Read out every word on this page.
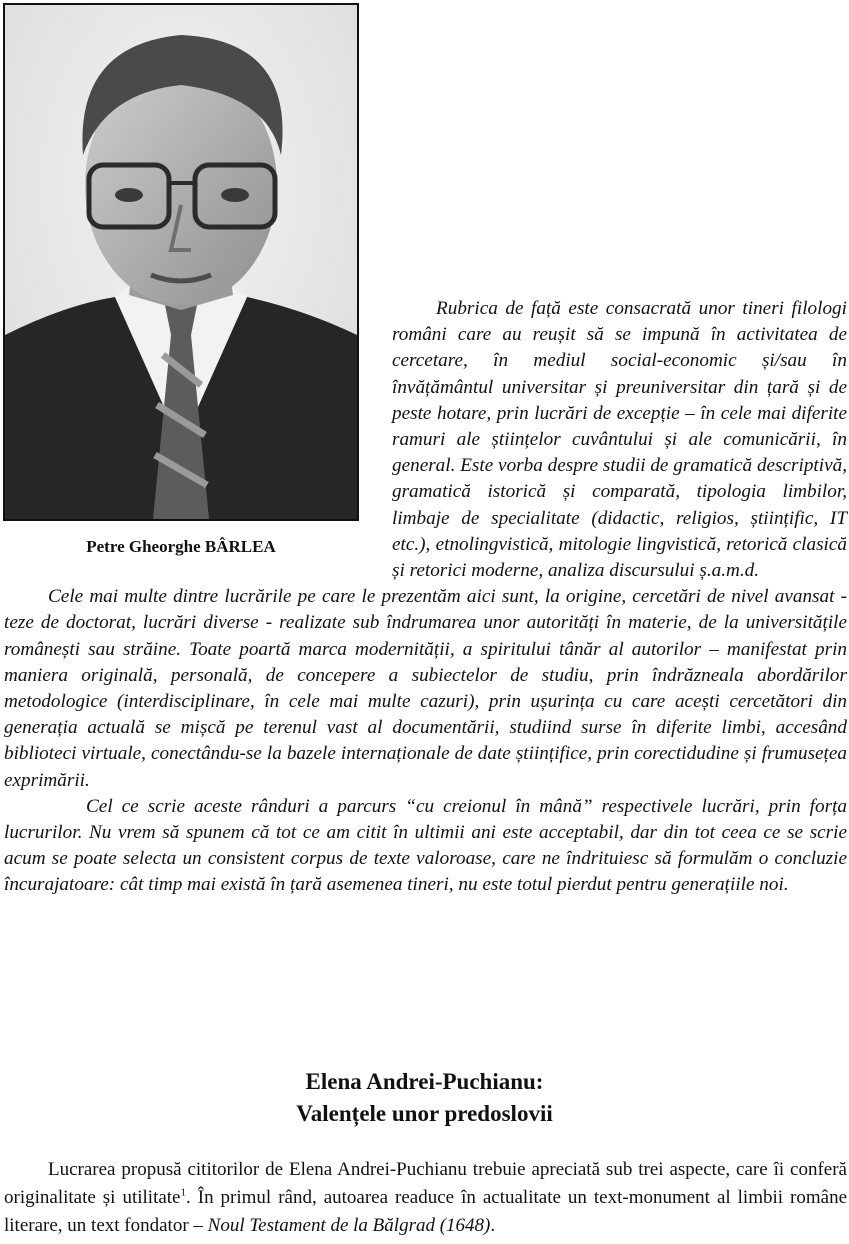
Petre Gheorghe BÂRLEA

Rubrica de față este consacrată unor tineri filologi români care au reușit să se impună în activitatea de cercetare, în mediul social-economic și/sau în învățământul universitar și preuniversitar din țară și de peste hotare, prin lucrări de excepție – în cele mai diferite ramuri ale științelor cuvântului și ale comunicării, în general. Este vorba despre studii de gramatică descriptivă, gramatică istorică și comparată, tipologia limbilor, limbaje de specialitate (didactic, religios, științific, IT etc.), etnolingvistică, mitologie lingvistică, retorică clasică și retorici moderne, analiza discursului ș.a.m.d.

Cele mai multe dintre lucrările pe care le prezentăm aici sunt, la origine, cercetări de nivel avansat - teze de doctorat, lucrări diverse - realizate sub îndrumarea unor autorități în materie, de la universitățile românești sau străine. Toate poartă marca modernității, a spiritului tânăr al autorilor – manifestat prin maniera originală, personală, de concepere a subiectelor de studiu, prin îndrăzneala abordărilor metodologice (interdisciplinare, în cele mai multe cazuri), prin ușurința cu care acești cercetători din generația actuală se mișcă pe terenul vast al documentării, studiind surse în diferite limbi, accesând biblioteci virtuale, conectându-se la bazele internaționale de date științifice, prin corectidudine și frumusețea exprimării.

Cel ce scrie aceste rânduri a parcurs “cu creionul în mână” respectivele lucrări, prin forța lucrurilor. Nu vrem să spunem că tot ce am citit în ultimii ani este acceptabil, dar din tot ceea ce se scrie acum se poate selecta un consistent corpus de texte valoroase, care ne îndrituiesc să formulăm o concluzie încurajatoare: cât timp mai există în țară asemenea tineri, nu este totul pierdut pentru generațiile noi.

Elena Andrei-Puchianu:
Valențele unor predoslovii

Lucrarea propusă cititorilor de Elena Andrei-Puchianu trebuie apreciată sub trei aspecte, care îi conferă originalitate și utilitate$^1$. În primul rând, autoarea readuce în actualitate un text-monument al limbii române literare, un text fondator – Noul Testament de la Bălgrad (1648).
